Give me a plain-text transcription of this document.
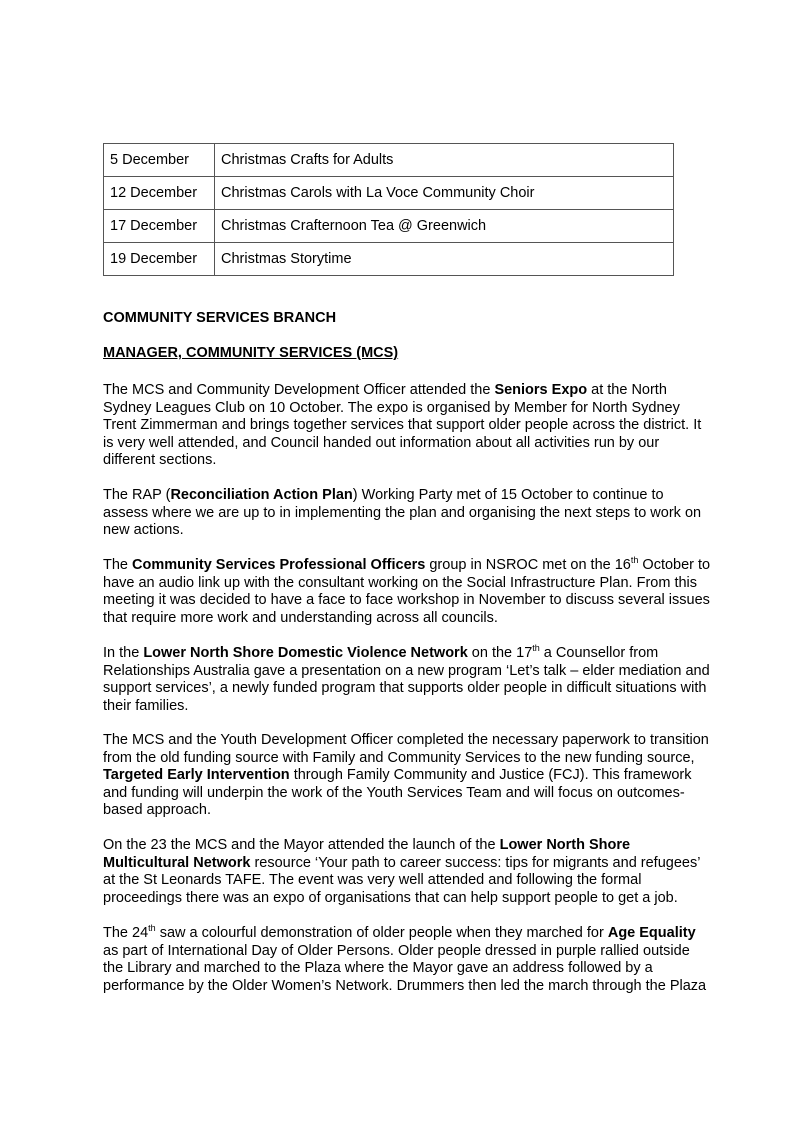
5 December	Christmas Crafts for Adults
12 December	Christmas Carols with La Voce Community Choir
17 December	Christmas Crafternoon Tea @ Greenwich
19 December	Christmas Storytime
COMMUNITY SERVICES BRANCH
MANAGER, COMMUNITY SERVICES (MCS)
The MCS and Community Development Officer attended the Seniors Expo at the North
Sydney Leagues Club on 10 October. The expo is organised by Member for North Sydney
Trent Zimmerman and brings together services that support older people across the district. It
is very well attended, and Council handed out information about all activities run by our
different sections.
The RAP (Reconciliation Action Plan) Working Party met of 15 October to continue to
assess where we are up to in implementing the plan and organising the next steps to work on
new actions.
The Community Services Professional Officers group in NSROC met on the 16th October to
have an audio link up with the consultant working on the Social Infrastructure Plan. From this
meeting it was decided to have a face to face workshop in November to discuss several issues
that require more work and understanding across all councils.
In the Lower North Shore Domestic Violence Network on the 17th a Counsellor from
Relationships Australia gave a presentation on a new program ‘Let’s talk – elder mediation and
support services’, a newly funded program that supports older people in difficult situations with
their families.
The MCS and the Youth Development Officer completed the necessary paperwork to transition
from the old funding source with Family and Community Services to the new funding source,
Targeted Early Intervention through Family Community and Justice (FCJ). This framework
and funding will underpin the work of the Youth Services Team and will focus on outcomes-
based approach.
On the 23 the MCS and the Mayor attended the launch of the Lower North Shore
Multicultural Network resource ‘Your path to career success: tips for migrants and refugees’
at the St Leonards TAFE. The event was very well attended and following the formal
proceedings there was an expo of organisations that can help support people to get a job.
The 24th saw a colourful demonstration of older people when they marched for Age Equality
as part of International Day of Older Persons. Older people dressed in purple rallied outside
the Library and marched to the Plaza where the Mayor gave an address followed by a
performance by the Older Women’s Network. Drummers then led the march through the Plaza
